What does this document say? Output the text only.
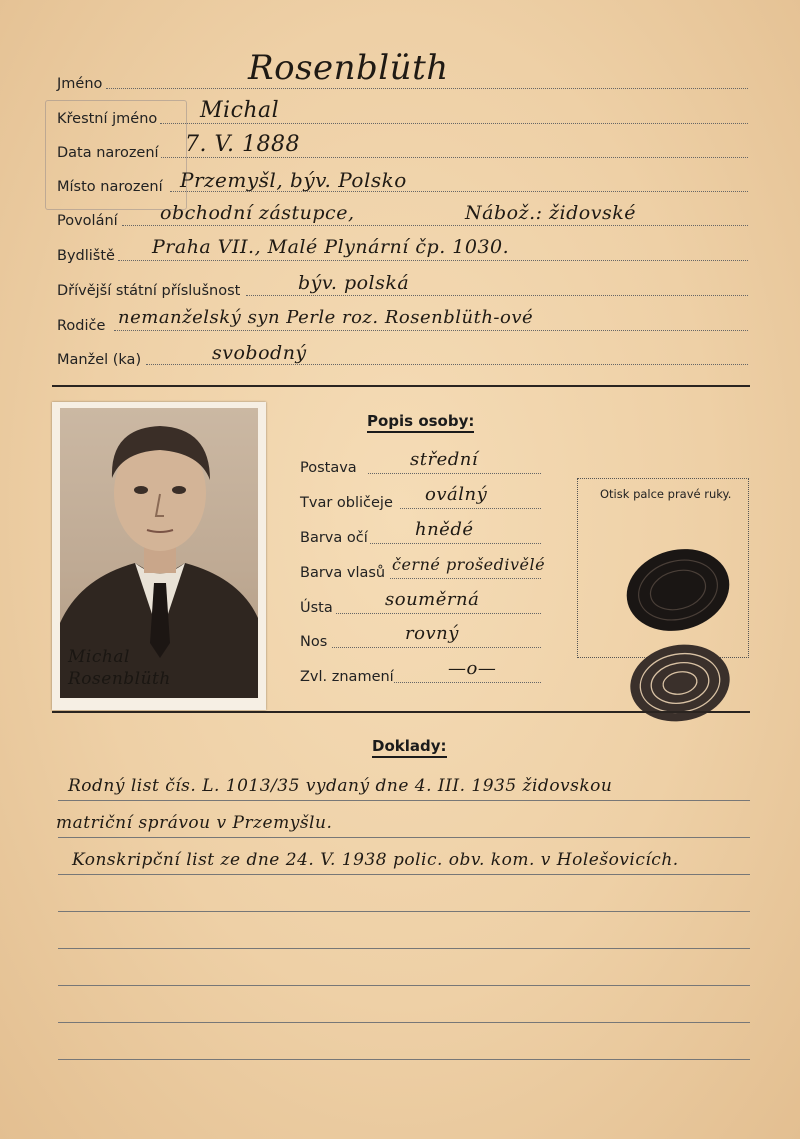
Jméno	Rosenblüth
Křestní jméno Michal
Data narození 7. V. 1888
Místo narození Przemyšl, býv. Polsko
Povolání obchodní zástupce,	Nábož.: židovské
Bydliště Praha VII., Malé Plynární čp. 1030.
Dřívější státní příslušnost	býv. polská
Rodiče nemanželský syn Perle roz. Rosenblüth-ové
Manžel (ka)	svobodný
Michal Rosenblüth
Popis osoby:
Postava	střední
Tvar obličeje oválný
Barva očí	hnědé
Barva vlasů černé prošedivělé
Ústa	souměrná
Nos	rovný
Zvl. znamení	—o—
Otisk palce pravé ruky.
Doklady:
Rodný list čís. L. 1013/35 vydaný dne 4. III. 1935 židovskou
matriční správou v Przemyšlu.
Konskripční list ze dne 24. V. 1938 polic. obv. kom. v Holešovicích.
